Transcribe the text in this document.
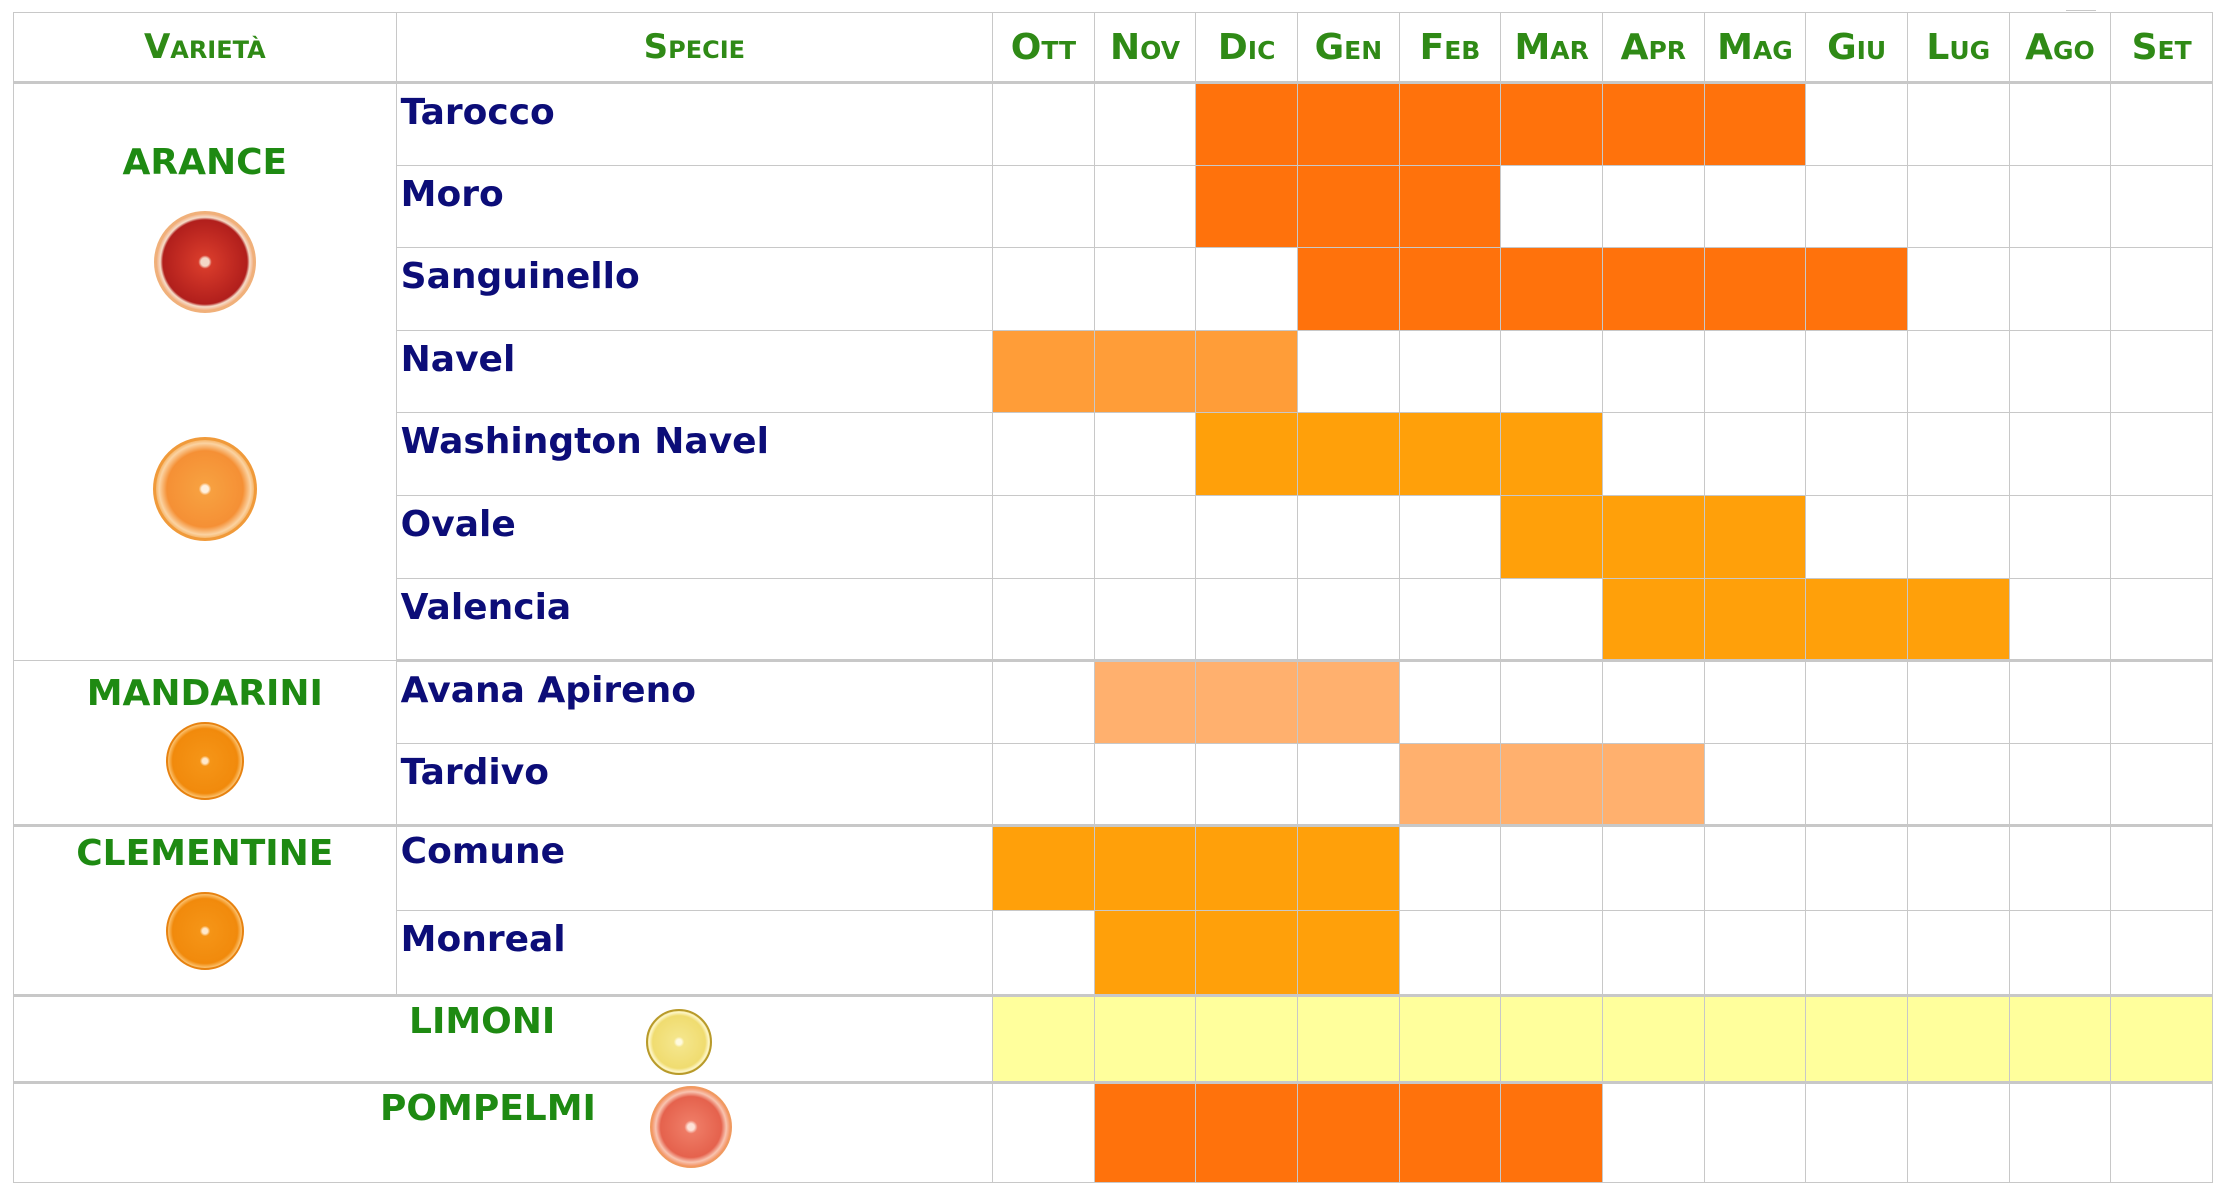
Varietà	Specie	Ott	Nov	Dic	Gen	Feb	Mar	Apr	Mag	Giu	Lug	Ago	Set

ARANCE	Tarocco												
	Moro												
	Sanguinello												
	Navel												
	Washington Navel												
	Ovale												
	Valencia												

MANDARINI	Avana Apireno												
	Tardivo												

CLEMENTINE	Comune												
	Monreal												

LIMONI													

POMPELMI													
